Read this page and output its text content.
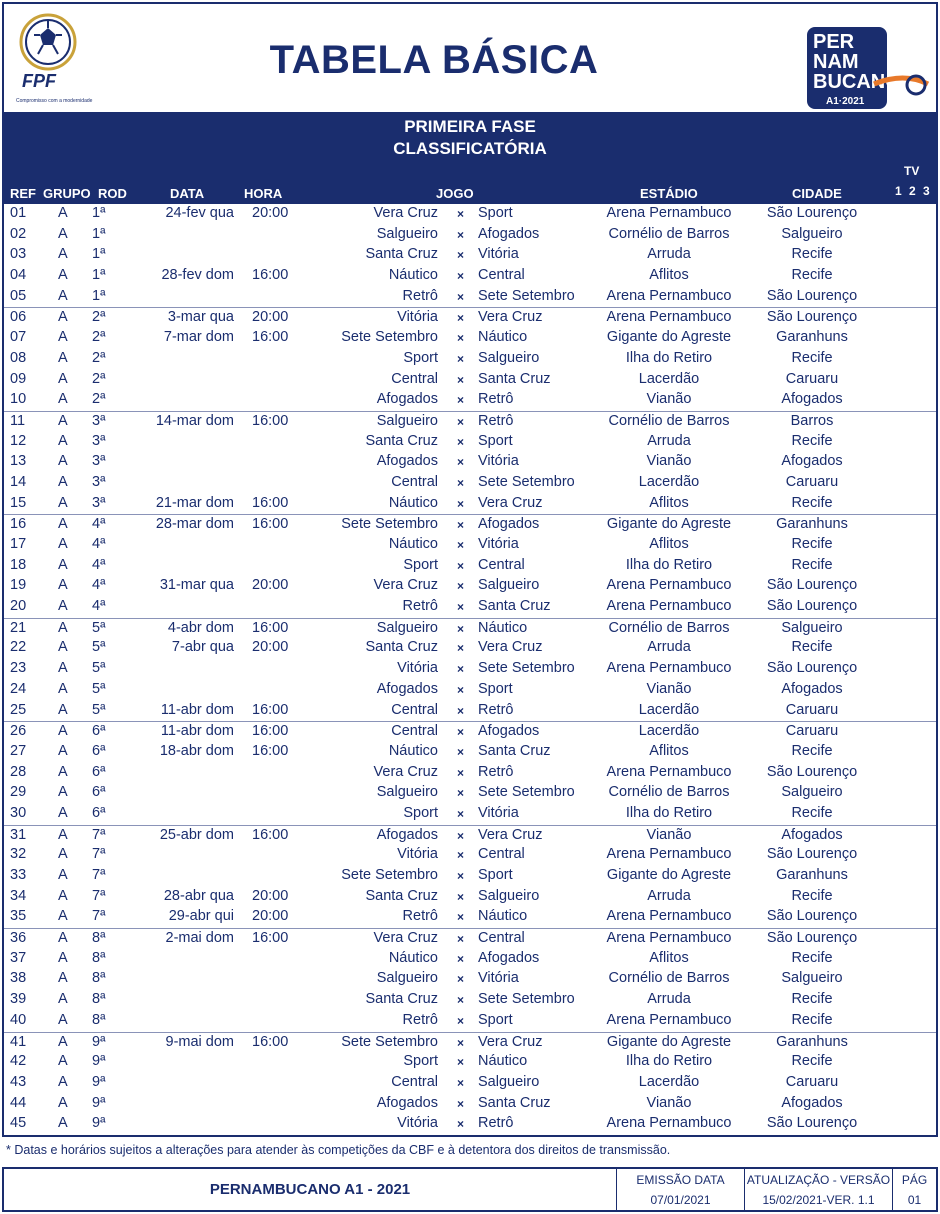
FPF
Compromisso com a modernidade
TABELA BÁSICA	PER
NAM
BUCANO
A1·2021
PRIMEIRA FASE
CLASSIFICATÓRIA
TV
1 2 3
REF GRUPO ROD	DATA	HORA	JOGO	ESTÁDIO	CIDADE
01 A 1ª	24-fev qua 20:00	Vera Cruz × Sport	Arena Pernambuco	São Lourenço
02 A 1ª	Salgueiro × Afogados	Cornélio de Barros	Salgueiro
03 A 1ª	Santa Cruz × Vitória	Arruda	Recife
04 A 1ª	28-fev dom 16:00	Náutico × Central	Aflitos	Recife
05 A 1ª	Retrô × Sete Setembro	Arena Pernambuco	São Lourenço
06 A 2ª	3-mar qua 20:00	Vitória × Vera Cruz	Arena Pernambuco	São Lourenço
07 A 2ª	7-mar dom 16:00	Sete Setembro × Náutico	Gigante do Agreste	Garanhuns
08 A 2ª	Sport × Salgueiro	Ilha do Retiro	Recife
09 A 2ª	Central × Santa Cruz	Lacerdão	Caruaru
10 A 2ª	Afogados × Retrô	Vianão	Afogados
11 A 3ª	14-mar dom 16:00	Salgueiro × Retrô	Cornélio de Barros	Barros
12 A 3ª	Santa Cruz × Sport	Arruda	Recife
13 A 3ª	Afogados × Vitória	Vianão	Afogados
14 A 3ª	Central × Sete Setembro	Lacerdão	Caruaru
15 A 3ª	21-mar dom 16:00	Náutico × Vera Cruz	Aflitos	Recife
16 A 4ª	28-mar dom 16:00	Sete Setembro × Afogados	Gigante do Agreste	Garanhuns
17 A 4ª	Náutico × Vitória	Aflitos	Recife
18 A 4ª	Sport × Central	Ilha do Retiro	Recife
19 A 4ª	31-mar qua 20:00	Vera Cruz × Salgueiro	Arena Pernambuco	São Lourenço
20 A 4ª	Retrô × Santa Cruz	Arena Pernambuco	São Lourenço
21 A 5ª	4-abr dom 16:00	Salgueiro × Náutico	Cornélio de Barros	Salgueiro
22 A 5ª	7-abr qua 20:00	Santa Cruz × Vera Cruz	Arruda	Recife
23 A 5ª	Vitória × Sete Setembro	Arena Pernambuco	São Lourenço
24 A 5ª	Afogados × Sport	Vianão	Afogados
25 A 5ª	11-abr dom 16:00	Central × Retrô	Lacerdão	Caruaru
26 A 6ª	11-abr dom 16:00	Central × Afogados	Lacerdão	Caruaru
27 A 6ª	18-abr dom 16:00	Náutico × Santa Cruz	Aflitos	Recife
28 A 6ª	Vera Cruz × Retrô	Arena Pernambuco	São Lourenço
29 A 6ª	Salgueiro × Sete Setembro	Cornélio de Barros	Salgueiro
30 A 6ª	Sport × Vitória	Ilha do Retiro	Recife
31 A 7ª	25-abr dom 16:00	Afogados × Vera Cruz	Vianão	Afogados
32 A 7ª	Vitória × Central	Arena Pernambuco	São Lourenço
33 A 7ª	Sete Setembro × Sport	Gigante do Agreste	Garanhuns
34 A 7ª	28-abr qua 20:00	Santa Cruz × Salgueiro	Arruda	Recife
35 A 7ª	29-abr qui 20:00	Retrô × Náutico	Arena Pernambuco	São Lourenço
36 A 8ª	2-mai dom 16:00	Vera Cruz × Central	Arena Pernambuco	São Lourenço
37 A 8ª	Náutico × Afogados	Aflitos	Recife
38 A 8ª	Salgueiro × Vitória	Cornélio de Barros	Salgueiro
39 A 8ª	Santa Cruz × Sete Setembro	Arruda	Recife
40 A 8ª	Retrô × Sport	Arena Pernambuco	Recife
41 A 9ª	9-mai dom 16:00	Sete Setembro × Vera Cruz	Gigante do Agreste	Garanhuns
42 A 9ª	Sport × Náutico	Ilha do Retiro	Recife
43 A 9ª	Central × Salgueiro	Lacerdão	Caruaru
44 A 9ª	Afogados × Santa Cruz	Vianão	Afogados
45 A 9ª	Vitória × Retrô	Arena Pernambuco	São Lourenço
* Datas e horários sujeitos a alterações para atender às competições da CBF e à detentora dos direitos de transmissão.
PERNAMBUCANO A1 - 2021
EMISSÃO DATA
07/01/2021
ATUALIZAÇÃO - VERSÃO
15/02/2021-VER. 1.1
PÁG
01
